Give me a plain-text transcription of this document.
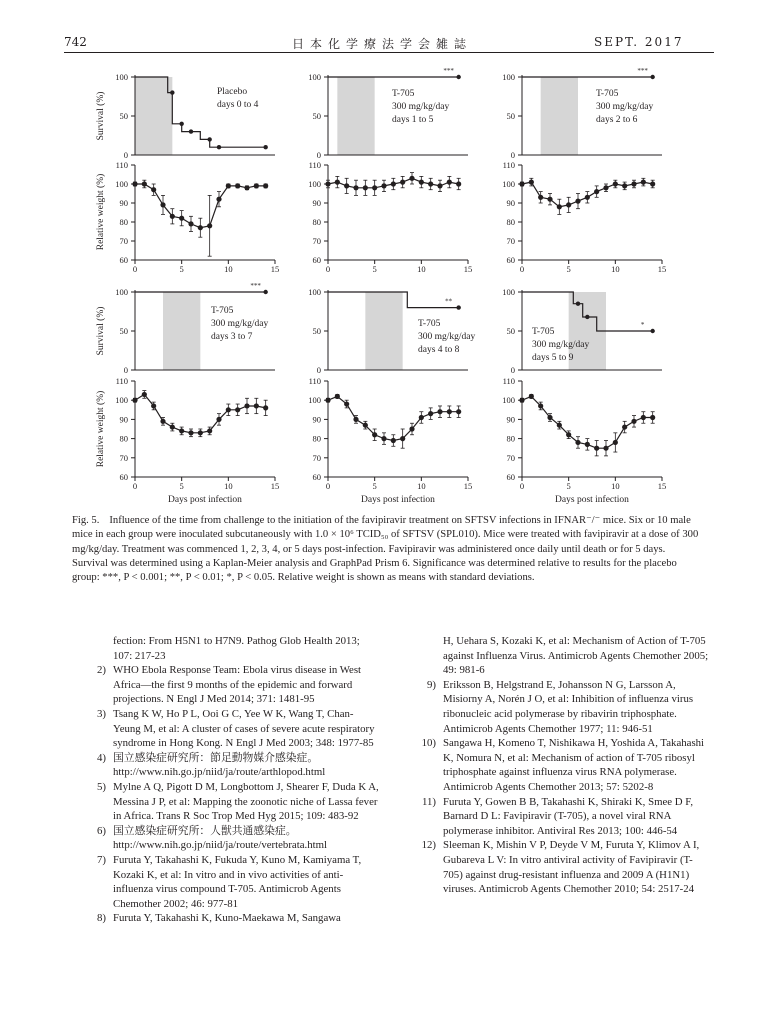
742	日本化学療法学会雑誌	SEPT. 2017
0
50
100
Placebo
days 0 to 4
60
70
80
90
100
110
0	5	10	15
0
50
100
***
T-705
300 mg/kg/day
days 1 to 5
60
70
80
90
100
110
0	5	10	15
0
50
100
***
T-705
300 mg/kg/day
days 2 to 6
60
70
80
90
100
110
0	5	10	15
0
50
100
***
T-705
300 mg/kg/day
days 3 to 7
60
70
80
90
100
110
0	5	10	15
Days post infection
0
50
100
**
T-705
300 mg/kg/day
days 4 to 8
60
70
80
90
100
110
0	5	10	15
Days post infection
0
50
100
*
T-705
300 mg/kg/day
days 5 to 9
60
70
80
90
100
110
0	5	10	15
Days post infection
Survival (%)
Relative weight (%)
Survival (%)
Relative weight (%)
Fig. 5. Influence of the time from challenge to the initiation of the favipiravir treatment on SFTSV infections in IFNAR⁻/⁻ mice. Six or 10 male mice in each group were inoculated subcutaneously with 1.0 × 10⁶ TCID₅₀ of SFTSV (SPL010). Mice were treated with favipiravir at a dose of 300 mg/kg/day. Treatment was commenced 1, 2, 3, 4, or 5 days post-infection. Favipiravir was administered once daily until death or for 5 days. Survival was determined using a Kaplan-Meier analysis and GraphPad Prism 6. Significance was determined relative to results for the placebo group: ***, P < 0.001; **, P < 0.01; *, P < 0.05. Relative weight is shown as means with standard deviations.
fection: From H5N1 to H7N9. Pathog Glob Health 2013; 107: 217-23
2) WHO Ebola Response Team: Ebola virus disease in West Africa—the first 9 months of the epidemic and forward projections. N Engl J Med 2014; 371: 1481-95
3) Tsang K W, Ho P L, Ooi G C, Yee W K, Wang T, Chan-Yeung M, et al: A cluster of cases of severe acute respiratory syndrome in Hong Kong. N Engl J Med 2003; 348: 1977-85
4) 国立感染症研究所：節足動物媒介感染症。 http://www.nih.go.jp/niid/ja/route/arthlopod.html
5) Mylne A Q, Pigott D M, Longbottom J, Shearer F, Duda K A, Messina J P, et al: Mapping the zoonotic niche of Lassa fever in Africa. Trans R Soc Trop Med Hyg 2015; 109: 483-92
6) 国立感染症研究所：人獣共通感染症。 http://www.nih.go.jp/niid/ja/route/vertebrata.html
7) Furuta Y, Takahashi K, Fukuda Y, Kuno M, Kamiyama T, Kozaki K, et al: In vitro and in vivo activities of anti-influenza virus compound T-705. Antimicrob Agents Chemother 2002; 46: 977-81
8) Furuta Y, Takahashi K, Kuno-Maekawa M, Sangawa
H, Uehara S, Kozaki K, et al: Mechanism of Action of T-705 against Influenza Virus. Antimicrob Agents Chemother 2005; 49: 981-6
9) Eriksson B, Helgstrand E, Johansson N G, Larsson A, Misiorny A, Norén J O, et al: Inhibition of influenza virus ribonucleic acid polymerase by ribavirin triphosphate. Antimicrob Agents Chemother 1977; 11: 946-51
10) Sangawa H, Komeno T, Nishikawa H, Yoshida A, Takahashi K, Nomura N, et al: Mechanism of action of T-705 ribosyl triphosphate against influenza virus RNA polymerase. Antimicrob Agents Chemother 2013; 57: 5202-8
11) Furuta Y, Gowen B B, Takahashi K, Shiraki K, Smee D F, Barnard D L: Favipiravir (T-705), a novel viral RNA polymerase inhibitor. Antiviral Res 2013; 100: 446-54
12) Sleeman K, Mishin V P, Deyde V M, Furuta Y, Klimov A I, Gubareva L V: In vitro antiviral activity of Favipiravir (T-705) against drug-resistant influenza and 2009 A (H1N1) viruses. Antimicrob Agents Chemother 2010; 54: 2517-24
